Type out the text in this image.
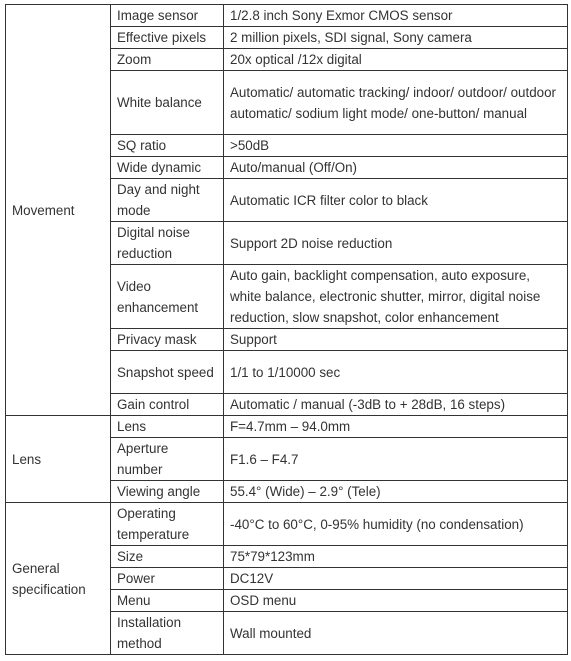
Movement	Image sensor	1/2.8 inch Sony Exmor CMOS sensor
	Effective pixels	2 million pixels, SDI signal, Sony camera
	Zoom	20x optical /12x digital
	White balance	Automatic/ automatic tracking/ indoor/ outdoor/ outdoor automatic/ sodium light mode/ one-button/ manual
	SQ ratio	>50dB
	Wide dynamic	Auto/manual (Off/On)
	Day and night mode	Automatic ICR filter color to black
	Digital noise reduction	Support 2D noise reduction
	Video enhancement	Auto gain, backlight compensation, auto exposure, white balance, electronic shutter, mirror, digital noise reduction, slow snapshot, color enhancement
	Privacy mask	Support
	Snapshot speed	1/1 to 1/10000 sec
	Gain control	Automatic / manual (-3dB to + 28dB, 16 steps)
Lens	Lens	F=4.7mm – 94.0mm
	Aperture number	F1.6 – F4.7
	Viewing angle	55.4° (Wide) – 2.9° (Tele)
General specification	Operating temperature	-40°C to 60°C, 0-95% humidity (no condensation)
	Size	75*79*123mm
	Power	DC12V
	Menu	OSD menu
	Installation method	Wall mounted
